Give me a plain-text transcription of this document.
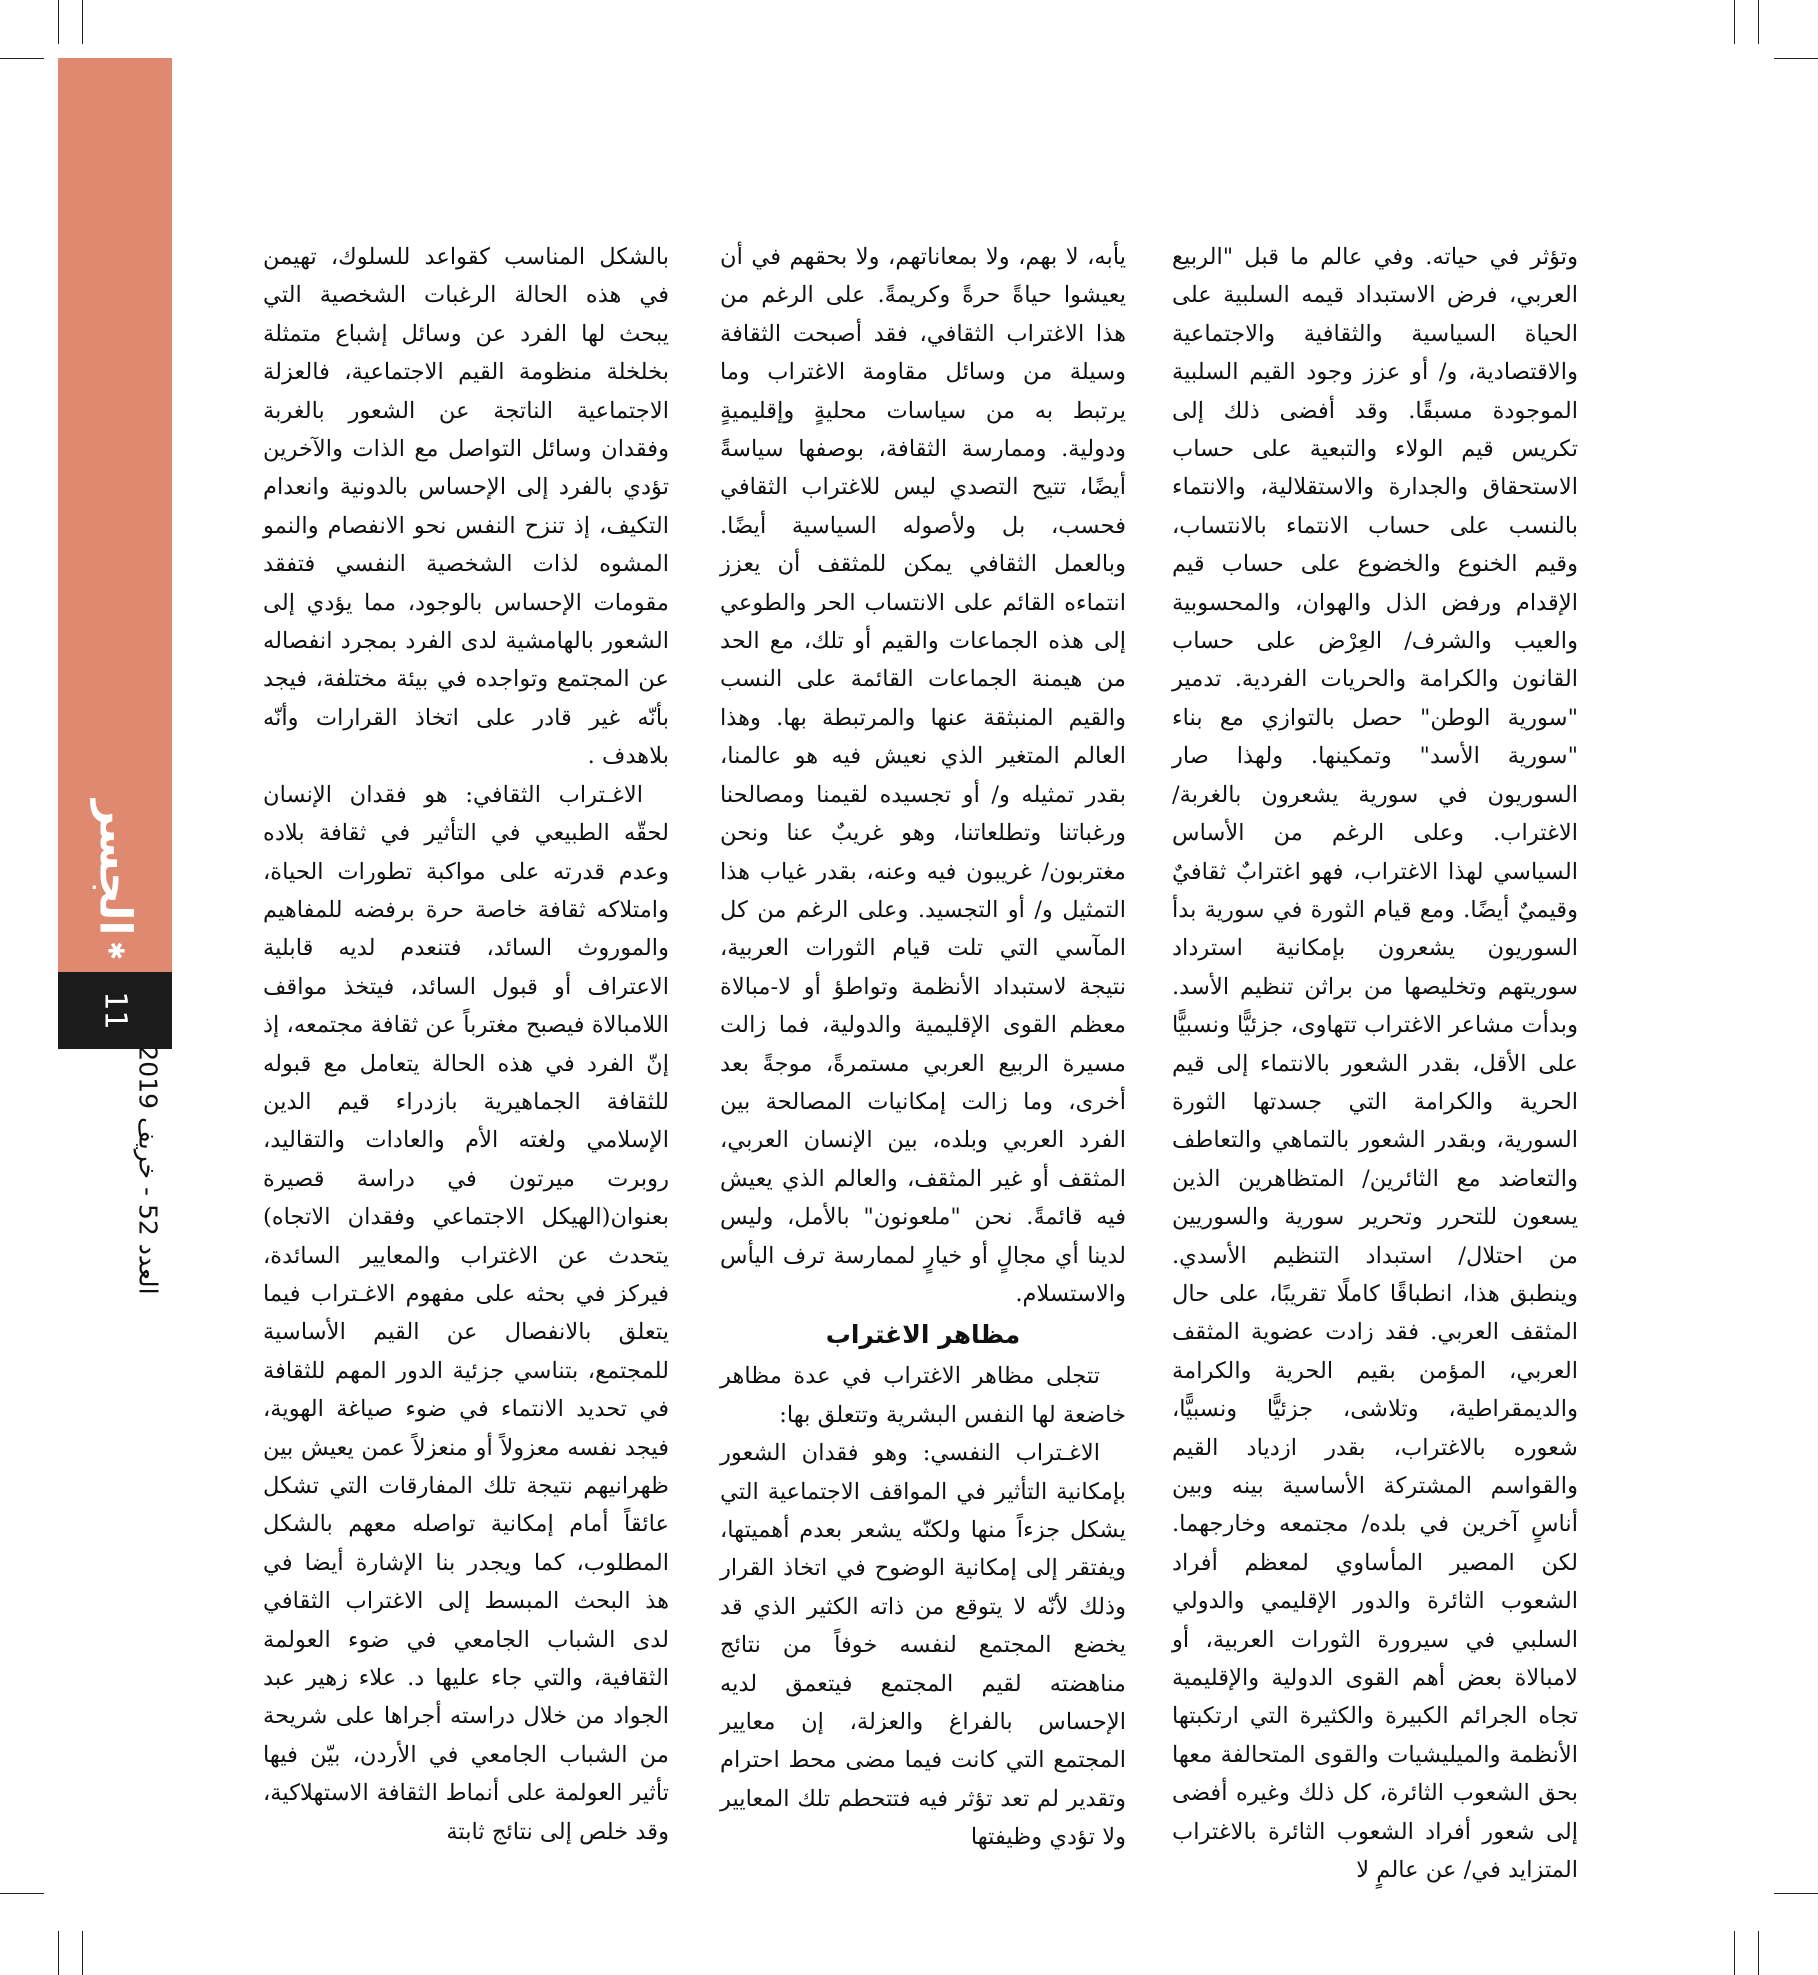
11
الجسر
✱
العدد 52 - خريف 2019

وتؤثر في حياته. وفي عالم ما قبل "الربيع العربي، فرض الاستبداد قيمه السلبية على الحياة السياسية والثقافية والاجتماعية والاقتصادية، و/ أو عزز وجود القيم السلبية الموجودة مسبقًا. وقد أفضى ذلك إلى تكريس قيم الولاء والتبعية على حساب الاستحقاق والجدارة والاستقلالية، والانتماء بالنسب على حساب الانتماء بالانتساب، وقيم الخنوع والخضوع على حساب قيم الإقدام ورفض الذل والهوان، والمحسوبية والعيب والشرف/ العِرْض على حساب القانون والكرامة والحريات الفردية. تدمير "سورية الوطن" حصل بالتوازي مع بناء "سورية الأسد" وتمكينها. ولهذا صار السوريون في سورية يشعرون بالغربة/ الاغتراب. وعلى الرغم من الأساس السياسي لهذا الاغتراب، فهو اغترابٌ ثقافيٌ وقيميٌ أيضًا. ومع قيام الثورة في سورية بدأ السوريون يشعرون بإمكانية استرداد سوريتهم وتخليصها من براثن تنظيم الأسد. وبدأت مشاعر الاغتراب تتهاوى، جزئيًّا ونسبيًّا على الأقل، بقدر الشعور بالانتماء إلى قيم الحرية والكرامة التي جسدتها الثورة السورية، وبقدر الشعور بالتماهي والتعاطف والتعاضد مع الثائرين/ المتظاهرين الذين يسعون للتحرر وتحرير سورية والسوريين من احتلال/ استبداد التنظيم الأسدي. وينطبق هذا، انطباقًا كاملًا تقريبًا، على حال المثقف العربي. فقد زادت عضوية المثقف العربي، المؤمن بقيم الحرية والكرامة والديمقراطية، وتلاشى، جزئيًّا ونسبيًّا، شعوره بالاغتراب، بقدر ازدياد القيم والقواسم المشتركة الأساسية بينه وبين أناسٍ آخرين في بلده/ مجتمعه وخارجهما. لكن المصير المأساوي لمعظم أفراد الشعوب الثائرة والدور الإقليمي والدولي السلبي في سيرورة الثورات العربية، أو لامبالاة بعض أهم القوى الدولية والإقليمية تجاه الجرائم الكبيرة والكثيرة التي ارتكبتها الأنظمة والميليشيات والقوى المتحالفة معها بحق الشعوب الثائرة، كل ذلك وغيره أفضى إلى شعور أفراد الشعوب الثائرة بالاغتراب المتزايد في/ عن عالمٍ لا

يأبه، لا بهم، ولا بمعاناتهم، ولا بحقهم في أن يعيشوا حياةً حرةً وكريمةً. على الرغم من هذا الاغتراب الثقافي، فقد أصبحت الثقافة وسيلة من وسائل مقاومة الاغتراب وما يرتبط به من سياسات محليةٍ وإقليميةٍ ودولية. وممارسة الثقافة، بوصفها سياسةً أيضًا، تتيح التصدي ليس للاغتراب الثقافي فحسب، بل ولأصوله السياسية أيضًا. وبالعمل الثقافي يمكن للمثقف أن يعزز انتماءه القائم على الانتساب الحر والطوعي إلى هذه الجماعات والقيم أو تلك، مع الحد من هيمنة الجماعات القائمة على النسب والقيم المنبثقة عنها والمرتبطة بها. وهذا العالم المتغير الذي نعيش فيه هو عالمنا، بقدر تمثيله و/ أو تجسيده لقيمنا ومصالحنا ورغباتنا وتطلعاتنا، وهو غريبٌ عنا ونحن مغتربون/ غريبون فيه وعنه، بقدر غياب هذا التمثيل و/ أو التجسيد. وعلى الرغم من كل المآسي التي تلت قيام الثورات العربية، نتيجة لاستبداد الأنظمة وتواطؤ أو لا-مبالاة معظم القوى الإقليمية والدولية، فما زالت مسيرة الربيع العربي مستمرةً، موجةً بعد أخرى، وما زالت إمكانيات المصالحة بين الفرد العربي وبلده، بين الإنسان العربي، المثقف أو غير المثقف، والعالم الذي يعيش فيه قائمةً. نحن "ملعونون" بالأمل، وليس لدينا أي مجالٍ أو خيارٍ لممارسة ترف اليأس والاستسلام.

مظاهر الاغتراب

تتجلى مظاهر الاغتراب في عدة مظاهر خاضعة لها النفس البشرية وتتعلق بها:

الاغـتراب النفسي: وهو فقدان الشعور بإمكانية التأثير في المواقف الاجتماعية التي يشكل جزءاً منها ولكنّه يشعر بعدم أهميتها، ويفتقر إلى إمكانية الوضوح في اتخاذ القرار وذلك لأنّه لا يتوقع من ذاته الكثير الذي قد يخضع المجتمع لنفسه خوفاً من نتائج مناهضته لقيم المجتمع فيتعمق لديه الإحساس بالفراغ والعزلة، إن معايير المجتمع التي كانت فيما مضى محط احترام وتقدير لم تعد تؤثر فيه فتتحطم تلك المعايير ولا تؤدي وظيفتها

بالشكل المناسب كقواعد للسلوك، تهيمن في هذه الحالة الرغبات الشخصية التي يبحث لها الفرد عن وسائل إشباع متمثلة بخلخلة منظومة القيم الاجتماعية، فالعزلة الاجتماعية الناتجة عن الشعور بالغربة وفقدان وسائل التواصل مع الذات والآخرين تؤدي بالفرد إلى الإحساس بالدونية وانعدام التكيف، إذ تنزح النفس نحو الانفصام والنمو المشوه لذات الشخصية النفسي فتفقد مقومات الإحساس بالوجود، مما يؤدي إلى الشعور بالهامشية لدى الفرد بمجرد انفصاله عن المجتمع وتواجده في بيئة مختلفة، فيجد بأنّه غير قادر على اتخاذ القرارات وأنّه بلاهدف .

الاغـتراب الثقافي: هو فقدان الإنسان لحقّه الطبيعي في التأثير في ثقافة بلاده وعدم قدرته على مواكبة تطورات الحياة، وامتلاكه ثقافة خاصة حرة برفضه للمفاهيم والموروث السائد، فتنعدم لديه قابلية الاعتراف أو قبول السائد، فيتخذ مواقف اللامبالاة فيصبح مغترباً عن ثقافة مجتمعه، إذ إنّ الفرد في هذه الحالة يتعامل مع قبوله للثقافة الجماهيرية بازدراء قيم الدين الإسلامي ولغته الأم والعادات والتقاليد، روبرت ميرتون في دراسة قصيرة بعنوان(الهيكل الاجتماعي وفقدان الاتجاه) يتحدث عن الاغتراب والمعايير السائدة، فيركز في بحثه على مفهوم الاغـتراب فيما يتعلق بالانفصال عن القيم الأساسية للمجتمع، بتناسي جزئية الدور المهم للثقافة في تحديد الانتماء في ضوء صياغة الهوية، فيجد نفسه معزولاً أو منعزلاً عمن يعيش بين ظهرانيهم نتيجة تلك المفارقات التي تشكل عائقاً أمام إمكانية تواصله معهم بالشكل المطلوب، كما ويجدر بنا الإشارة أيضا في هذ البحث المبسط إلى الاغتراب الثقافي لدى الشباب الجامعي في ضوء العولمة الثقافية، والتي جاء عليها د. علاء زهير عبد الجواد من خلال دراسته أجراها على شريحة من الشباب الجامعي في الأردن، بيّن فيها تأثير العولمة على أنماط الثقافة الاستهلاكية، وقد خلص إلى نتائج ثابتة
